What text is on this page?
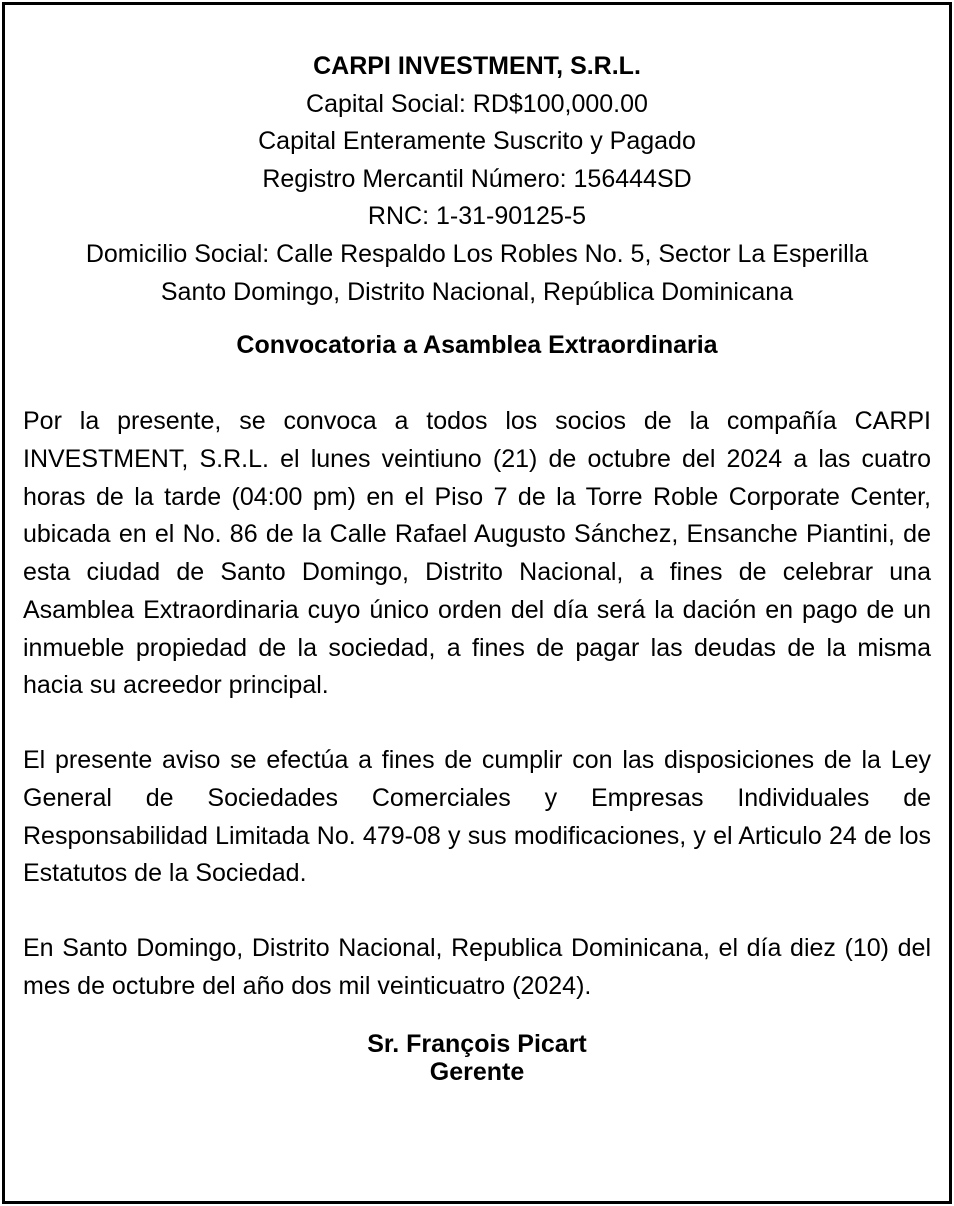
CARPI INVESTMENT, S.R.L.
Capital Social: RD$100,000.00
Capital Enteramente Suscrito y Pagado
Registro Mercantil Número: 156444SD
RNC: 1-31-90125-5
Domicilio Social: Calle Respaldo Los Robles No. 5, Sector La Esperilla
Santo Domingo, Distrito Nacional, República Dominicana
Convocatoria a Asamblea Extraordinaria

Por la presente, se convoca a todos los socios de la compañía CARPI INVESTMENT, S.R.L. el lunes veintiuno (21) de octubre del 2024 a las cuatro horas de la tarde (04:00 pm) en el Piso 7 de la Torre Roble Corporate Center, ubicada en el No. 86 de la Calle Rafael Augusto Sánchez, Ensanche Piantini, de esta ciudad de Santo Domingo, Distrito Nacional, a fines de celebrar una Asamblea Extraordinaria cuyo único orden del día será la dación en pago de un inmueble propiedad de la sociedad, a fines de pagar las deudas de la misma hacia su acreedor principal.

El presente aviso se efectúa a fines de cumplir con las disposiciones de la Ley General de Sociedades Comerciales y Empresas Individuales de Responsabilidad Limitada No. 479-08 y sus modificaciones, y el Articulo 24 de los Estatutos de la Sociedad.

En Santo Domingo, Distrito Nacional, Republica Dominicana, el día diez (10) del mes de octubre del año dos mil veinticuatro (2024).

Sr. François Picart
Gerente
